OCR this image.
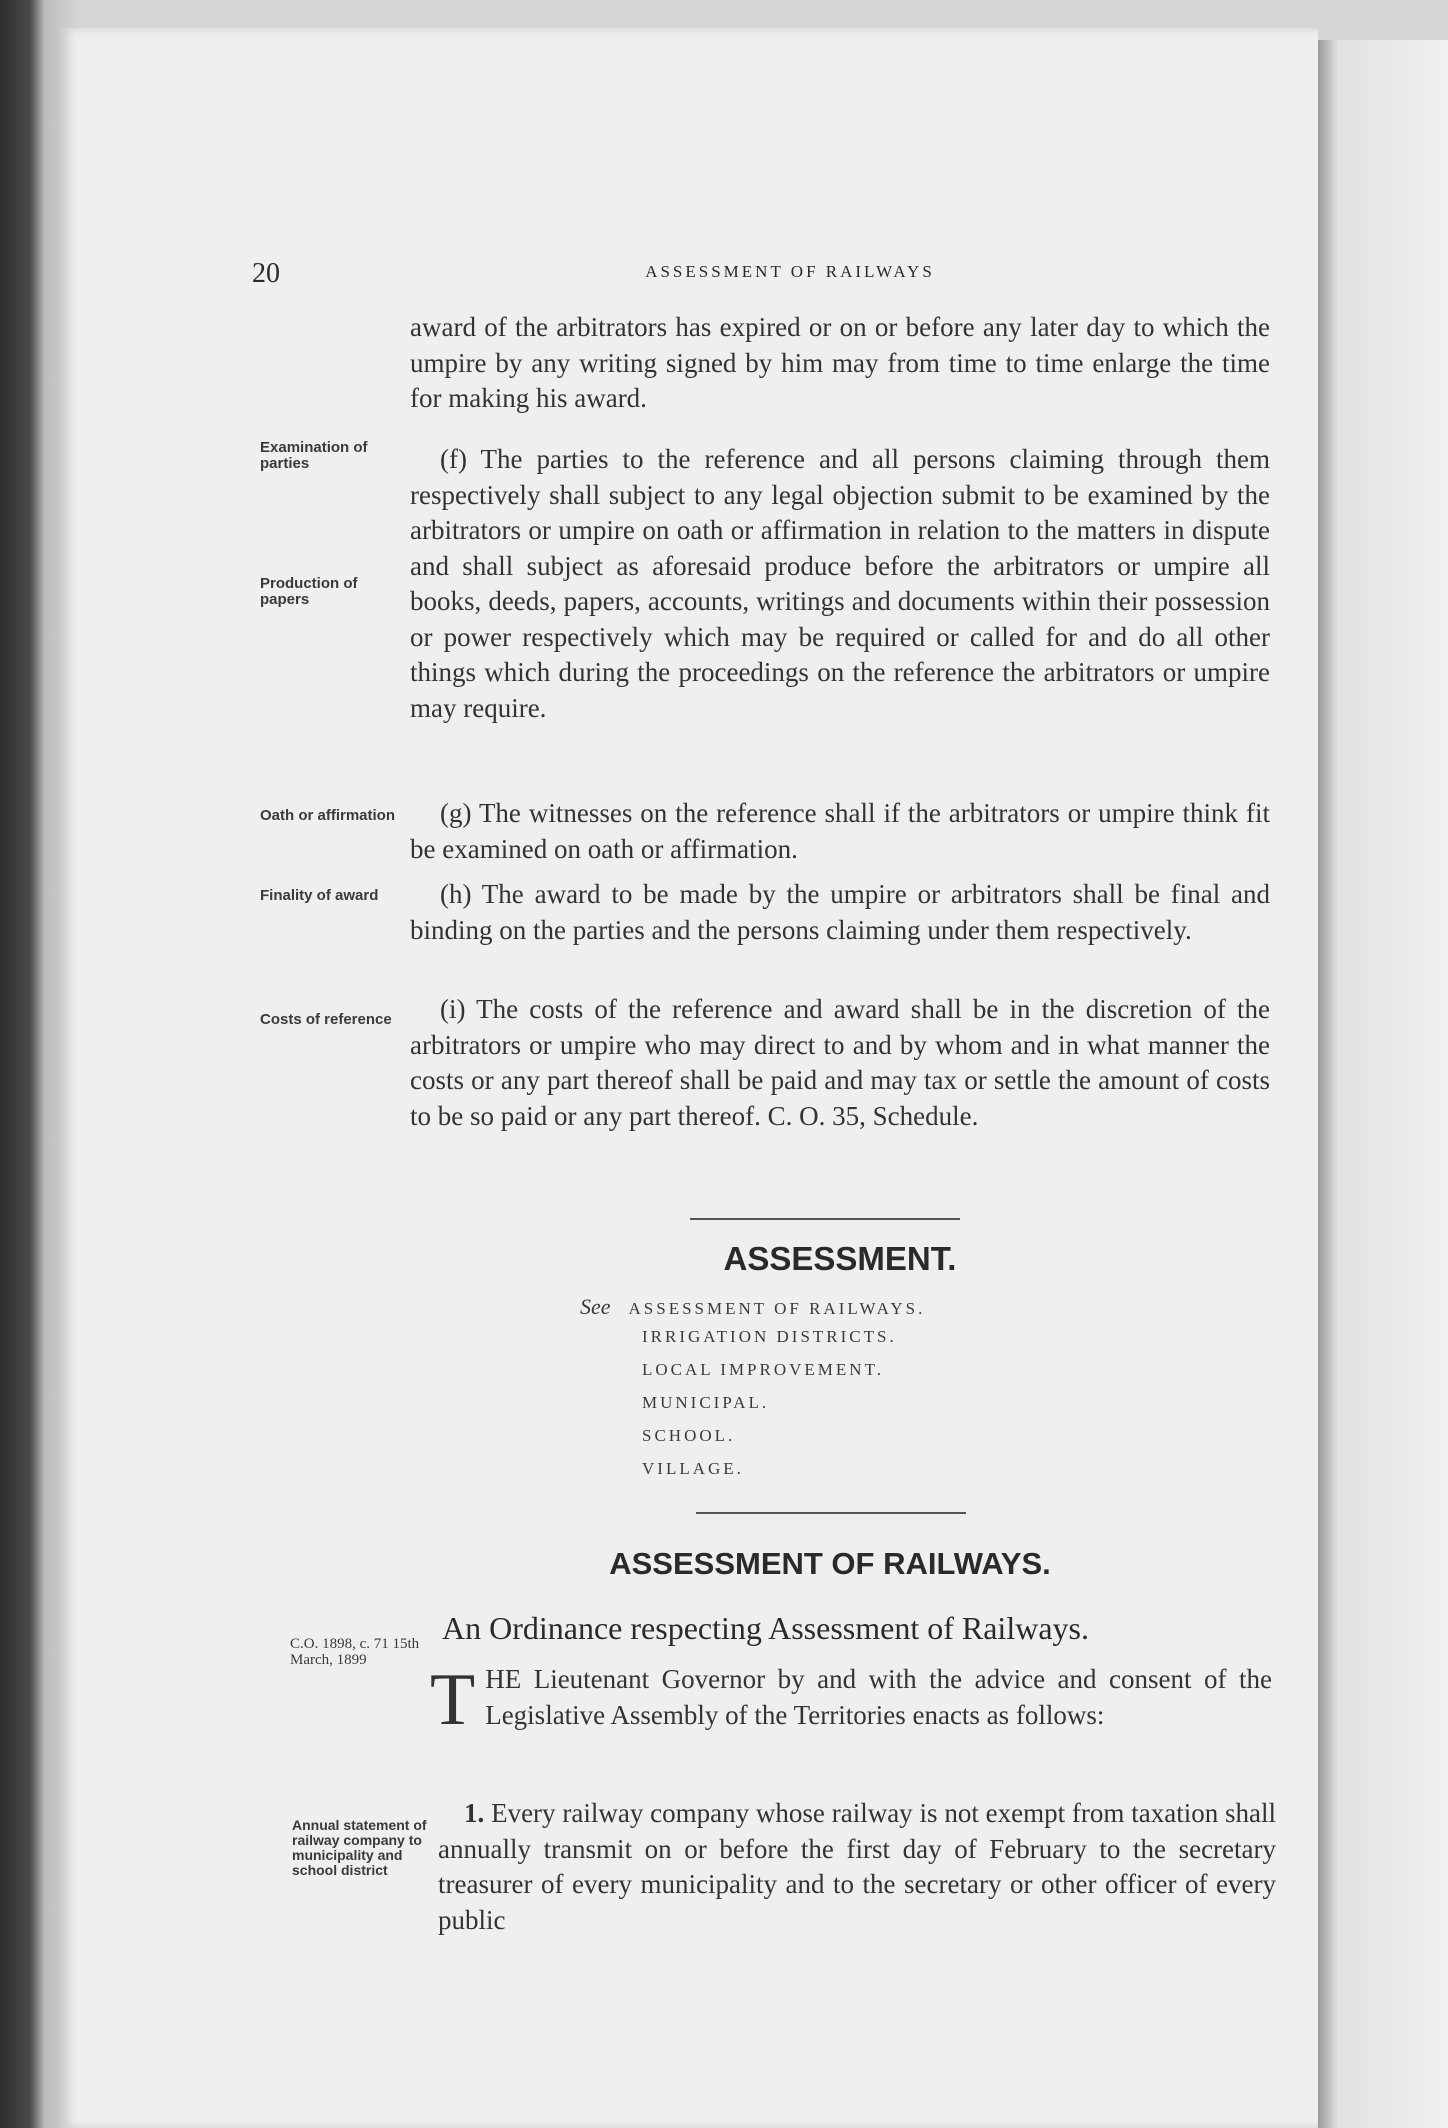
20	ASSESSMENT OF RAILWAYS

award of the arbitrators has expired or on or before any later day to which the umpire by any writing signed by him may from time to time enlarge the time for making his award.

Examination of parties	(f) The parties to the reference and all persons claiming through them respectively shall subject to any legal objection submit to be examined by the arbitrators or umpire on oath or affirmation in relation to the matters in dispute and shall subject as aforesaid produce before the arbitrators or umpire all books, deeds, papers, accounts, writings and documents within their possession or power respectively which may be required or called for and do all other things which during the proceedings on the reference the arbitrators or umpire may require.

Production of papers
Oath or affirmation	(g) The witnesses on the reference shall if the arbitrators or umpire think fit be examined on oath or affirmation.

Finality of award	(h) The award to be made by the umpire or arbitrators shall be final and binding on the parties and the persons claiming under them respectively.

Costs of reference	(i) The costs of the reference and award shall be in the discretion of the arbitrators or umpire who may direct to and by whom and in what manner the costs or any part thereof shall be paid and may tax or settle the amount of costs to be so paid or any part thereof. C. O. 35, Schedule.

ASSESSMENT.
See ASSESSMENT OF RAILWAYS.
IRRIGATION DISTRICTS.
LOCAL IMPROVEMENT.
MUNICIPAL.
SCHOOL.
VILLAGE.
ASSESSMENT OF RAILWAYS.
C.O. 1898, c. 71 15th March, 1899
An Ordinance respecting Assessment of Railways.

THE Lieutenant Governor by and with the advice and consent of the Legislative Assembly of the Territories enacts as follows:

Annual statement of railway company to municipality and school district

1. Every railway company whose railway is not exempt from taxation shall annually transmit on or before the first day of February to the secretary treasurer of every municipality and to the secretary or other officer of every public
